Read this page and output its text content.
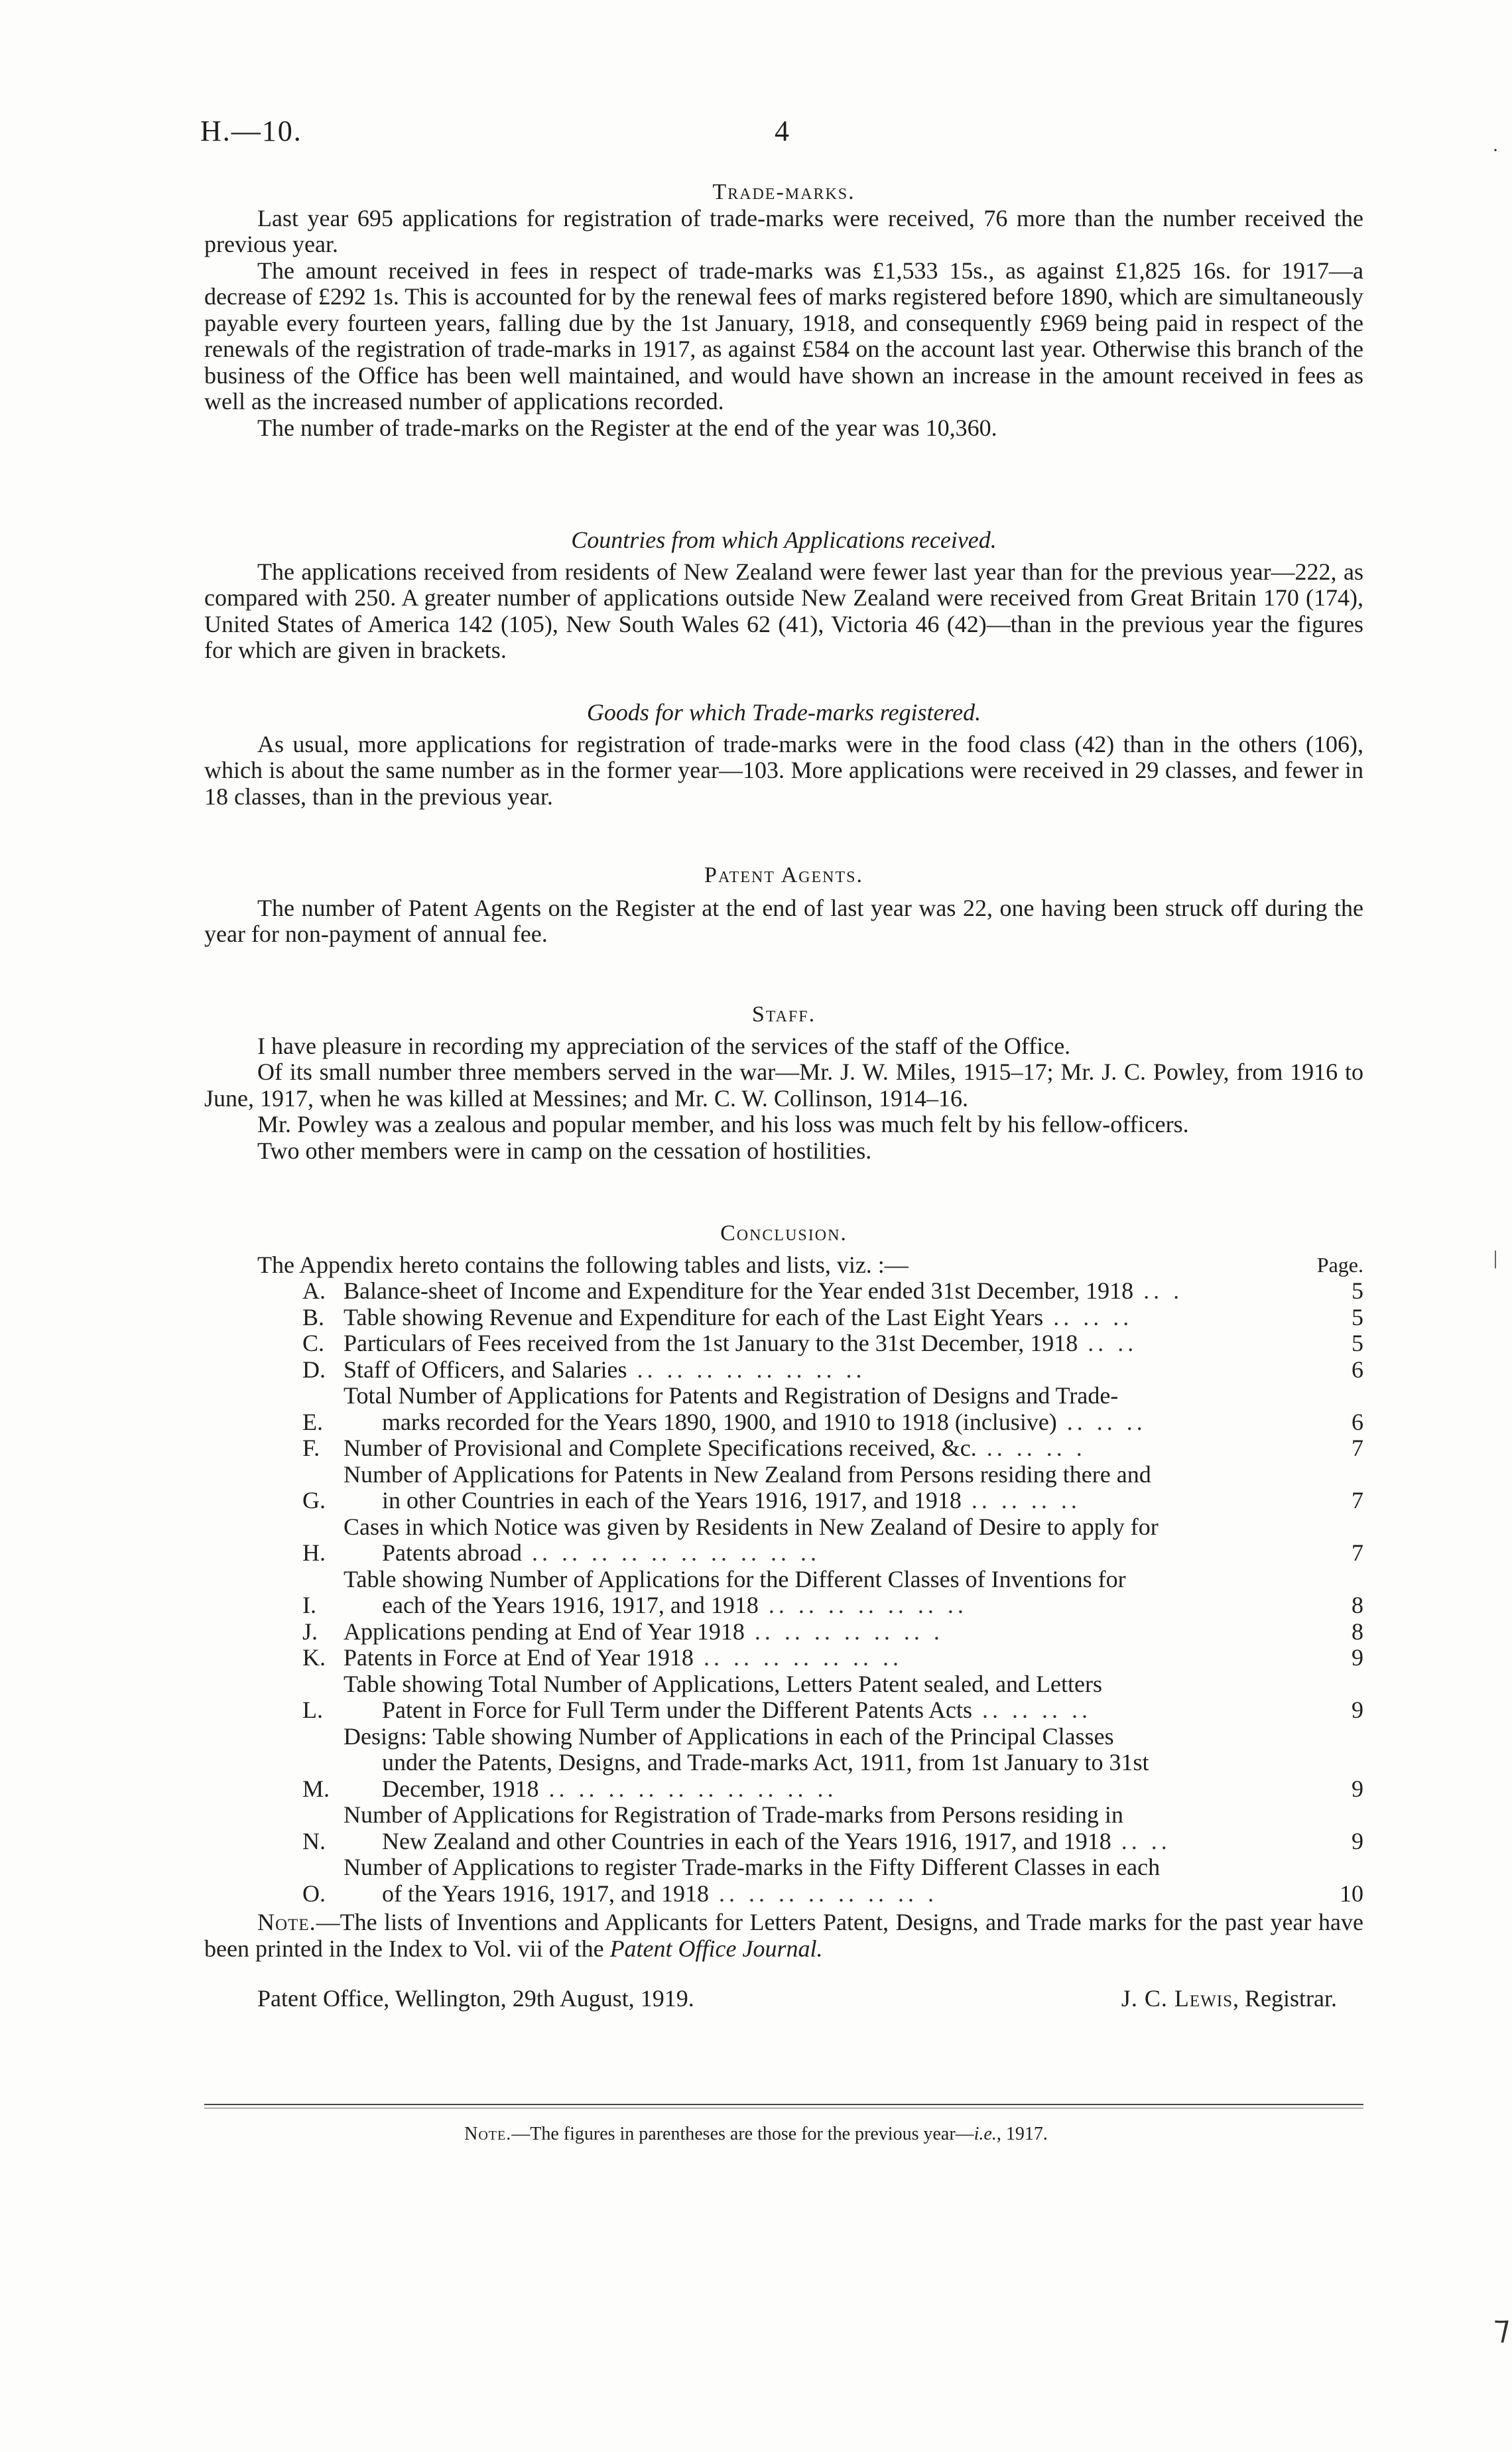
H.—10.	4
Trade-marks.

Last year 695 applications for registration of trade-marks were received, 76 more than the number received the previous year.

The amount received in fees in respect of trade-marks was £1,533 15s., as against £1,825 16s. for 1917—a decrease of £292 1s. This is accounted for by the renewal fees of marks registered before 1890, which are simultaneously payable every fourteen years, falling due by the 1st January, 1918, and consequently £969 being paid in respect of the renewals of the registration of trade-marks in 1917, as against £584 on the account last year. Otherwise this branch of the business of the Office has been well maintained, and would have shown an increase in the amount received in fees as well as the increased number of applications recorded.

The number of trade-marks on the Register at the end of the year was 10,360.

Countries from which Applications received.

The applications received from residents of New Zealand were fewer last year than for the previous year—222, as compared with 250. A greater number of applications outside New Zealand were received from Great Britain 170 (174), United States of America 142 (105), New South Wales 62 (41), Victoria 46 (42)—than in the previous year the figures for which are given in brackets.

Goods for which Trade-marks registered.

As usual, more applications for registration of trade-marks were in the food class (42) than in the others (106), which is about the same number as in the former year—103. More applications were received in 29 classes, and fewer in 18 classes, than in the previous year.

Patent Agents.

The number of Patent Agents on the Register at the end of last year was 22, one having been struck off during the year for non-payment of annual fee.

Staff.

I have pleasure in recording my appreciation of the services of the staff of the Office.

Of its small number three members served in the war—Mr. J. W. Miles, 1915–17; Mr. J. C. Powley, from 1916 to June, 1917, when he was killed at Messines; and Mr. C. W. Collinson, 1914–16.

Mr. Powley was a zealous and popular member, and his loss was much felt by his fellow-officers.

Two other members were in camp on the cessation of hostilities.

Conclusion.
The Appendix hereto contains the following tables and lists, viz. :—	Page.
A. Balance-sheet of Income and Expenditure for the Year ended 31st December, 1918 .. .	5
B. Table showing Revenue and Expenditure for each of the Last Eight Years .. .. ..	5
C. Particulars of Fees received from the 1st January to the 31st December, 1918 .. ..	5
D. Staff of Officers, and Salaries .. .. .. .. .. .. .. ..	6
E.
Total Number of Applications for Patents and Registration of Designs and Trade-
marks recorded for the Years 1890, 1900, and 1910 to 1918 (inclusive) .. .. ..	6
F. Number of Provisional and Complete Specifications received, &c. .. .. .. .	7
G.
Number of Applications for Patents in New Zealand from Persons residing there and
in other Countries in each of the Years 1916, 1917, and 1918 .. .. .. ..	7
H.
Cases in which Notice was given by Residents in New Zealand of Desire to apply for
Patents abroad .. .. .. .. .. .. .. .. .. ..	7
I.
Table showing Number of Applications for the Different Classes of Inventions for
each of the Years 1916, 1917, and 1918 .. .. .. .. .. .. ..	8
J.	Applications pending at End of Year 1918 .. .. .. .. .. .. .	8
K. Patents in Force at End of Year 1918 .. .. .. .. .. .. ..	9
L.
Table showing Total Number of Applications, Letters Patent sealed, and Letters
Patent in Force for Full Term under the Different Patents Acts .. .. .. ..	9
M.
Designs: Table showing Number of Applications in each of the Principal Classes
under the Patents, Designs, and Trade-marks Act, 1911, from 1st January to 31st
December, 1918 .. .. .. .. .. .. .. .. .. ..	9
N.
Number of Applications for Registration of Trade-marks from Persons residing in
New Zealand and other Countries in each of the Years 1916, 1917, and 1918 .. ..	9
O.
Number of Applications to register Trade-marks in the Fifty Different Classes in each
of the Years 1916, 1917, and 1918 .. .. .. .. .. .. .. .	10

Note.—The lists of Inventions and Applicants for Letters Patent, Designs, and Trade marks for the past year have been printed in the Index to Vol. vii of the Patent Office Journal.

Patent Office, Wellington, 29th August, 1919.	J. C. Lewis, Registrar.
Note.—The figures in parentheses are those for the previous year—i.e., 1917.
·
|
⁊
